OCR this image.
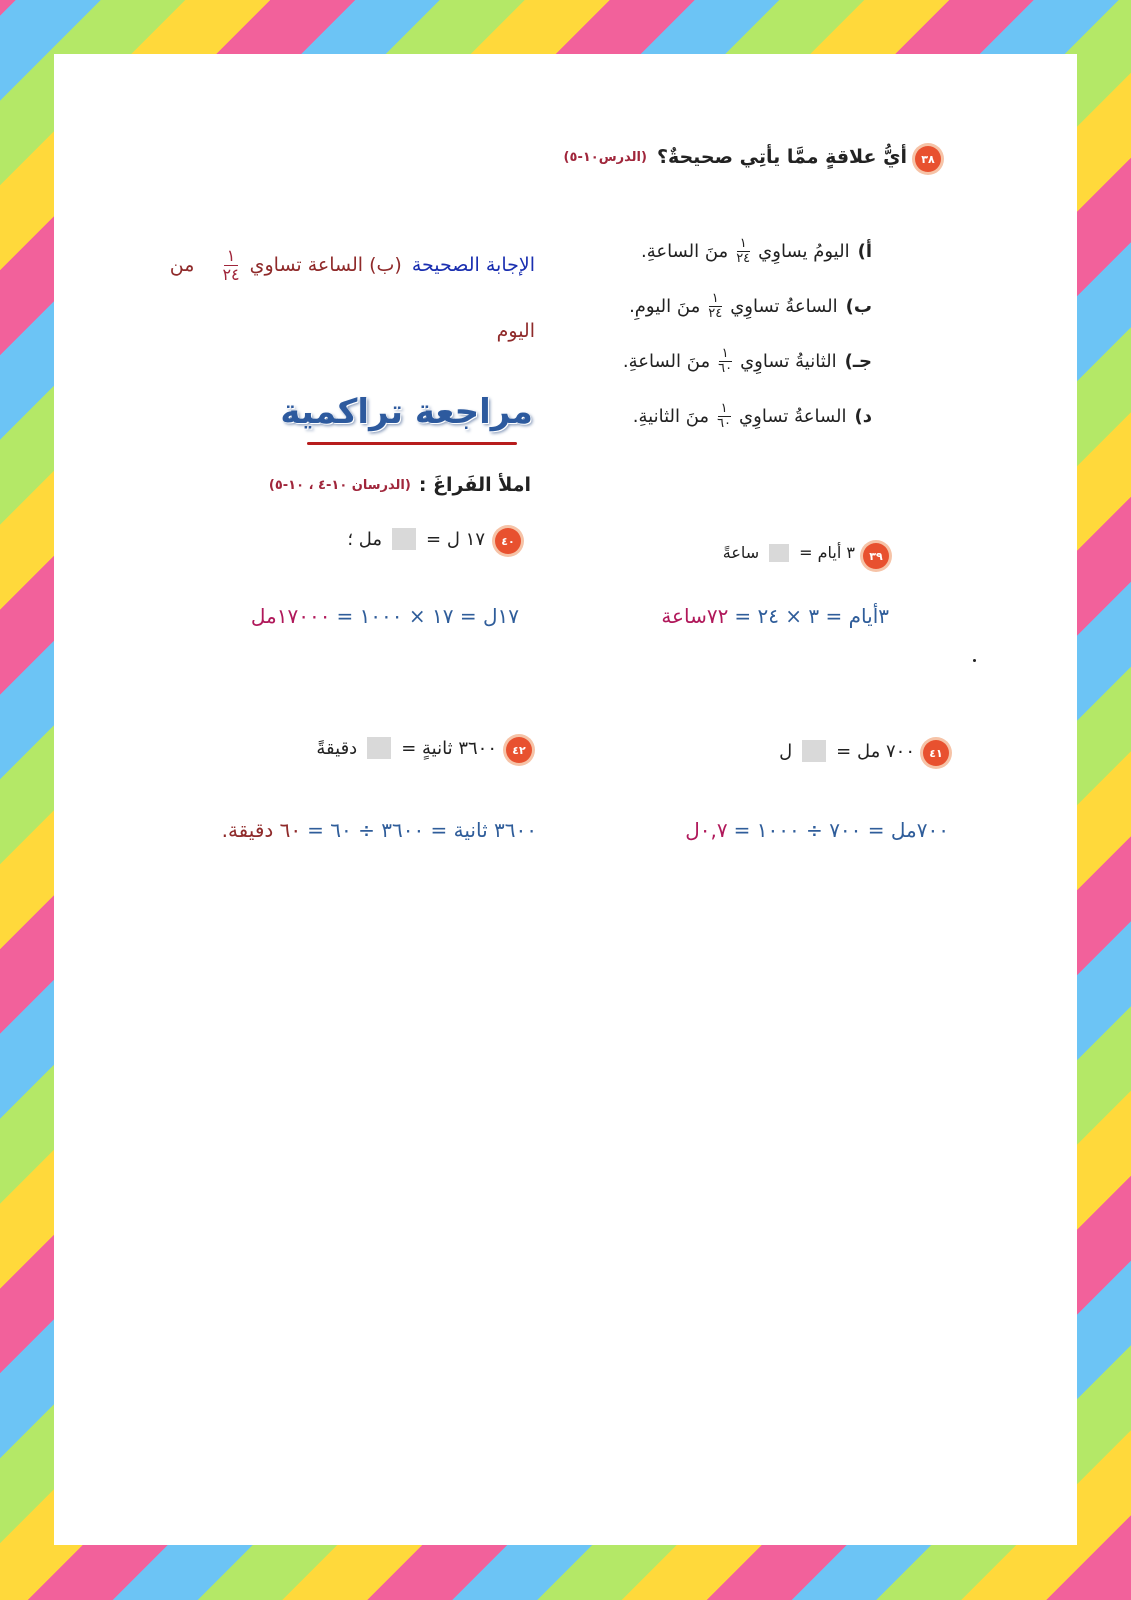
٣٨
أيُّ علاقةٍ ممَّا يأتِي صحيحةٌ؟
(الدرس١٠-٥)
أ)
اليومُ يساوِي
$\frac{١}{٢٤}$
منَ الساعةِ.
ب)
الساعةُ تساوِي
$\frac{١}{٢٤}$
منَ اليومِ.
جـ)
الثانيةُ تساوِي
$\frac{١}{٦٠}$
منَ الساعةِ.
د)
الساعةُ تساوِي
$\frac{١}{٦٠}$
منَ الثانيةِ.
الإجابة الصحيحة
(ب) الساعة تساوي
$\frac{١}{٢٤}$
من
اليوم
مراجعة تراكمية
املأ الفَراغَ :
(الدرسان ١٠-٤ ، ١٠-٥)
٤٠
١٧ ل =
مل ؛
١٧ل = ١٧ × ١٠٠٠ =
١٧٠٠٠مل
٣٩
٣ أيام =
ساعةً
٣أيام = ٣ × ٢٤ =
٧٢ساعة
٤٢
٣٦٠٠ ثانيةٍ =
دقيقةً
٣٦٠٠ ثانية = ٣٦٠٠ ÷ ٦٠ =
٦٠ دقيقة.
٤١
٧٠٠ مل =
ل
٧٠٠مل = ٧٠٠ ÷ ١٠٠٠ =
٠,٧ل
